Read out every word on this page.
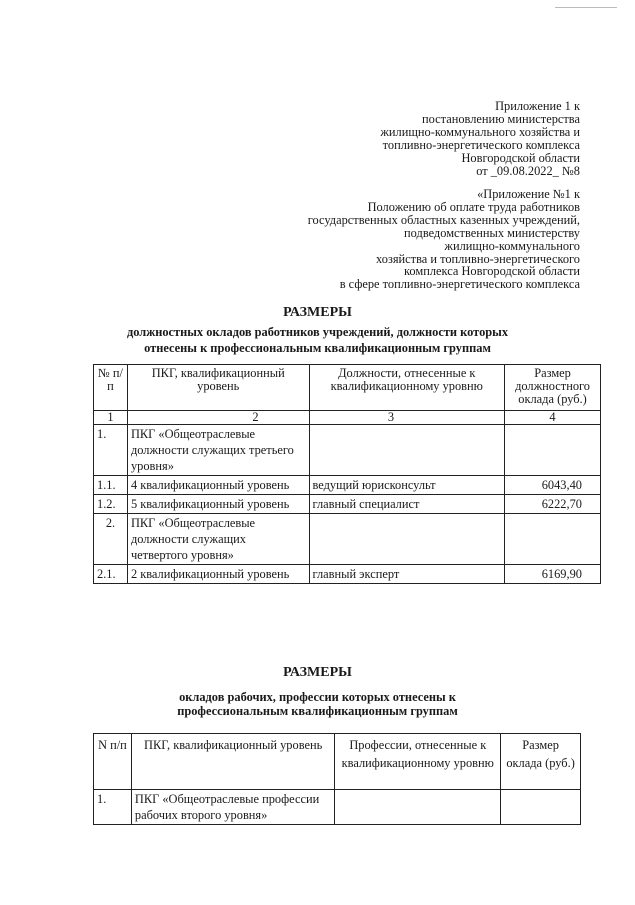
Приложение 1 к
постановлению министерства
жилищно-коммунального хозяйства и
топливно-энергетического комплекса
Новгородской области
от _09.08.2022_ №8
«Приложение №1 к
Положению об оплате труда работников
государственных областных казенных учреждений,
подведомственных министерству
жилищно-коммунального
хозяйства и топливно-энергетического
комплекса Новгородской области
в сфере топливно-энергетического комплекса
РАЗМЕРЫ
должностных окладов работников учреждений, должности которых
отнесены к профессиональным квалификационным группам
№ п/п	ПКГ, квалификационный уровень	Должности, отнесенные к квалификационному уровню	Размер должностного оклада (руб.)
1	2	3	4
1.	ПКГ «Общеотраслевые должности служащих третьего уровня»		
1.1.	4 квалификационный уровень	ведущий юрисконсульт	6043,40
1.2.	5 квалификационный уровень	главный специалист	6222,70
2.	ПКГ «Общеотраслевые должности служащих четвертого уровня»		
2.1.	2 квалификационный уровень	главный эксперт	6169,90
РАЗМЕРЫ
окладов рабочих, профессии которых отнесены к
профессиональным квалификационным группам
N п/п	ПКГ, квалификационный уровень	Профессии, отнесенные к квалификационному уровню	Размер оклада (руб.)
1.	ПКГ «Общеотраслевые профессии рабочих второго уровня»		
